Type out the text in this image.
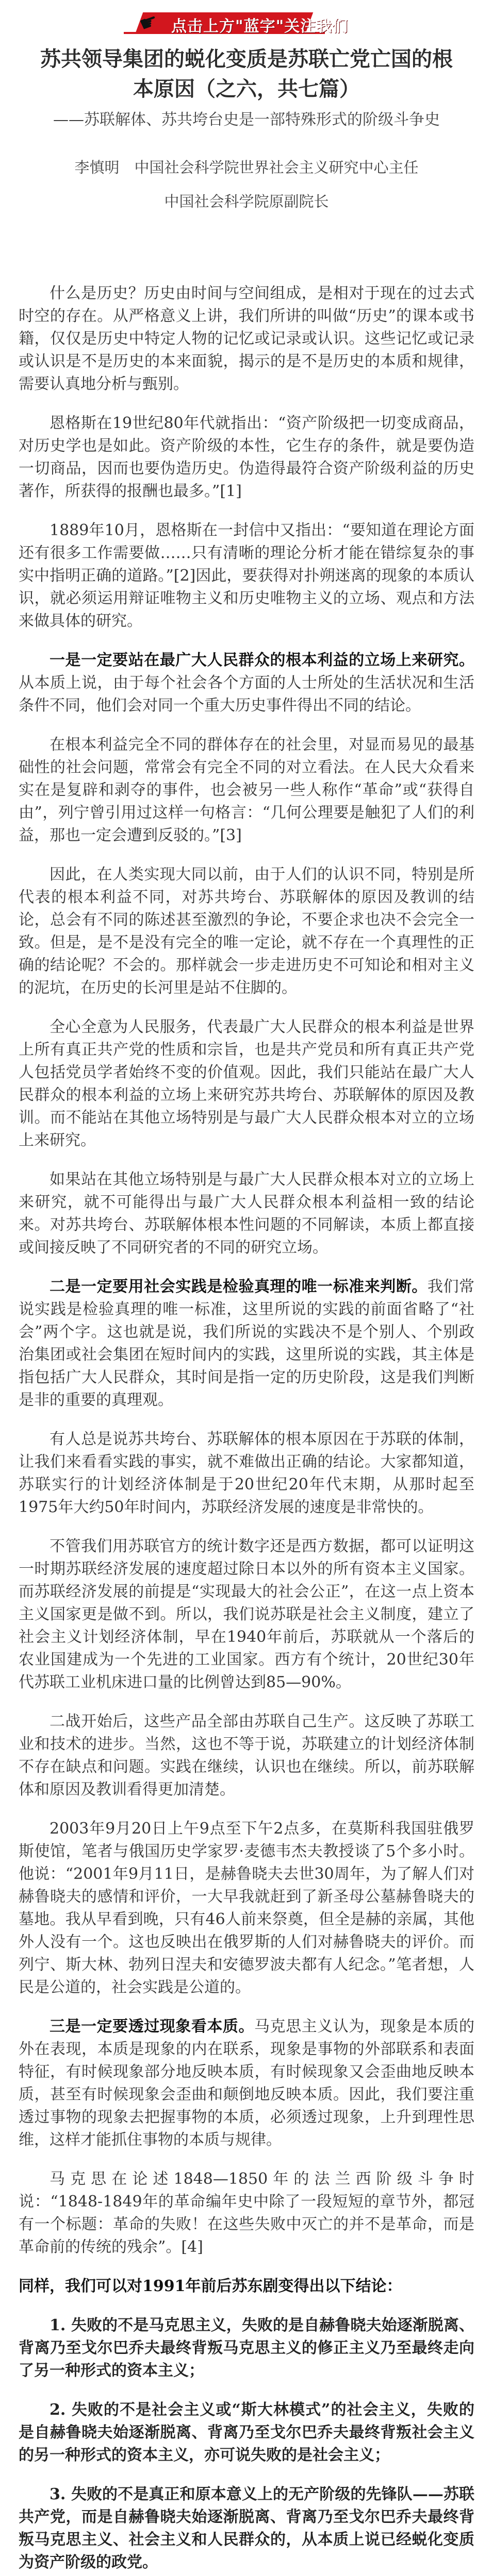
☛ 点击上方"蓝字"关注我们
苏共领导集团的蜕化变质是苏联亡党亡国的根本原因（之六，共七篇）
——苏联解体、苏共垮台史是一部特殊形式的阶级斗争史
李慎明　中国社会科学院世界社会主义研究中心主任
中国社会科学院原副院长

什么是历史？历史由时间与空间组成，是相对于现在的过去式时空的存在。从严格意义上讲，我们所讲的叫做“历史”的课本或书籍，仅仅是历史中特定人物的记忆或记录或认识。这些记忆或记录或认识是不是历史的本来面貌，揭示的是不是历史的本质和规律，需要认真地分析与甄别。

恩格斯在19世纪80年代就指出：“资产阶级把一切变成商品，对历史学也是如此。资产阶级的本性，它生存的条件，就是要伪造一切商品，因而也要伪造历史。伪造得最符合资产阶级利益的历史著作，所获得的报酬也最多。”[1]

1889年10月，恩格斯在一封信中又指出：“要知道在理论方面还有很多工作需要做……只有清晰的理论分析才能在错综复杂的事实中指明正确的道路。”[2]因此，要获得对扑朔迷离的现象的本质认识，就必须运用辩证唯物主义和历史唯物主义的立场、观点和方法来做具体的研究。

一是一定要站在最广大人民群众的根本利益的立场上来研究。从本质上说，由于每个社会各个方面的人士所处的生活状况和生活条件不同，他们会对同一个重大历史事件得出不同的结论。

在根本利益完全不同的群体存在的社会里，对显而易见的最基础性的社会问题，常常会有完全不同的对立看法。在人民大众看来实在是复辟和剥夺的事件，也会被另一些人称作“革命”或“获得自由”，列宁曾引用过这样一句格言：“几何公理要是触犯了人们的利益，那也一定会遭到反驳的。”[3]

因此，在人类实现大同以前，由于人们的认识不同，特别是所代表的根本利益不同，对苏共垮台、苏联解体的原因及教训的结论，总会有不同的陈述甚至激烈的争论，不要企求也决不会完全一致。但是，是不是没有完全的唯一定论，就不存在一个真理性的正确的结论呢？不会的。那样就会一步走进历史不可知论和相对主义的泥坑，在历史的长河里是站不住脚的。

全心全意为人民服务，代表最广大人民群众的根本利益是世界上所有真正共产党的性质和宗旨，也是共产党员和所有真正共产党人包括党员学者始终不变的价值观。因此，我们只能站在最广大人民群众的根本利益的立场上来研究苏共垮台、苏联解体的原因及教训。而不能站在其他立场特别是与最广大人民群众根本对立的立场上来研究。

如果站在其他立场特别是与最广大人民群众根本对立的立场上来研究，就不可能得出与最广大人民群众根本利益相一致的结论来。对苏共垮台、苏联解体根本性问题的不同解读，本质上都直接或间接反映了不同研究者的不同的研究立场。

二是一定要用社会实践是检验真理的唯一标准来判断。我们常说实践是检验真理的唯一标准，这里所说的实践的前面省略了“社会”两个字。这也就是说，我们所说的实践决不是个别人、个别政治集团或社会集团在短时间内的实践，这里所说的实践，其主体是指包括广大人民群众，其时间是指一定的历史阶段，这是我们判断是非的重要的真理观。

有人总是说苏共垮台、苏联解体的根本原因在于苏联的体制，让我们来看看实践的事实，就不难做出正确的结论。大家都知道，苏联实行的计划经济体制是于20世纪20年代末期，从那时起至1975年大约50年时间内，苏联经济发展的速度是非常快的。

不管我们用苏联官方的统计数字还是西方数据，都可以证明这一时期苏联经济发展的速度超过除日本以外的所有资本主义国家。而苏联经济发展的前提是“实现最大的社会公正”，在这一点上资本主义国家更是做不到。所以，我们说苏联是社会主义制度，建立了社会主义计划经济体制，早在1940年前后，苏联就从一个落后的农业国建成为一个先进的工业国家。西方有个统计，20世纪30年代苏联工业机床进口量的比例曾达到85—90%。

二战开始后，这些产品全部由苏联自己生产。这反映了苏联工业和技术的进步。当然，这也不等于说，苏联建立的计划经济体制不存在缺点和问题。实践在继续，认识也在继续。所以，前苏联解体和原因及教训看得更加清楚。

2003年9月20日上午9点至下午2点多，在莫斯科我国驻俄罗斯使馆，笔者与俄国历史学家罗·麦德韦杰夫教授谈了5个多小时。他说：“2001年9月11日，是赫鲁晓夫去世30周年，为了解人们对赫鲁晓夫的感情和评价，一大早我就赶到了新圣母公墓赫鲁晓夫的墓地。我从早看到晚，只有46人前来祭奠，但全是赫的亲属，其他外人没有一个。这也反映出在俄罗斯的人们对赫鲁晓夫的评价。而列宁、斯大林、勃列日涅夫和安德罗波夫都有人纪念。”笔者想，人民是公道的，社会实践是公道的。

三是一定要透过现象看本质。马克思主义认为，现象是本质的外在表现，本质是现象的内在联系，现象是事物的外部联系和表面特征，有时候现象部分地反映本质，有时候现象又会歪曲地反映本质，甚至有时候现象会歪曲和颠倒地反映本质。因此，我们要注重透过事物的现象去把握事物的本质，必须透过现象，上升到理性思维，这样才能抓住事物的本质与规律。

马克思在论述1848—1850年的法兰西阶级斗争时说：“1848-1849年的革命编年史中除了一段短短的章节外，都冠有一个标题：革命的失败！在这些失败中灭亡的并不是革命，而是革命前的传统的残余”。[4]

同样，我们可以对1991年前后苏东剧变得出以下结论：

1. 失败的不是马克思主义，失败的是自赫鲁晓夫始逐渐脱离、背离乃至戈尔巴乔夫最终背叛马克思主义的修正主义乃至最终走向了另一种形式的资本主义；

2. 失败的不是社会主义或“斯大林模式”的社会主义，失败的是自赫鲁晓夫始逐渐脱离、背离乃至戈尔巴乔夫最终背叛社会主义的另一种形式的资本主义，亦可说失败的是社会主义；

3. 失败的不是真正和原本意义上的无产阶级的先锋队——苏联共产党，而是自赫鲁晓夫始逐渐脱离、背离乃至戈尔巴乔夫最终背叛马克思主义、社会主义和人民群众的，从本质上说已经蜕化变质为资产阶级的政党。
